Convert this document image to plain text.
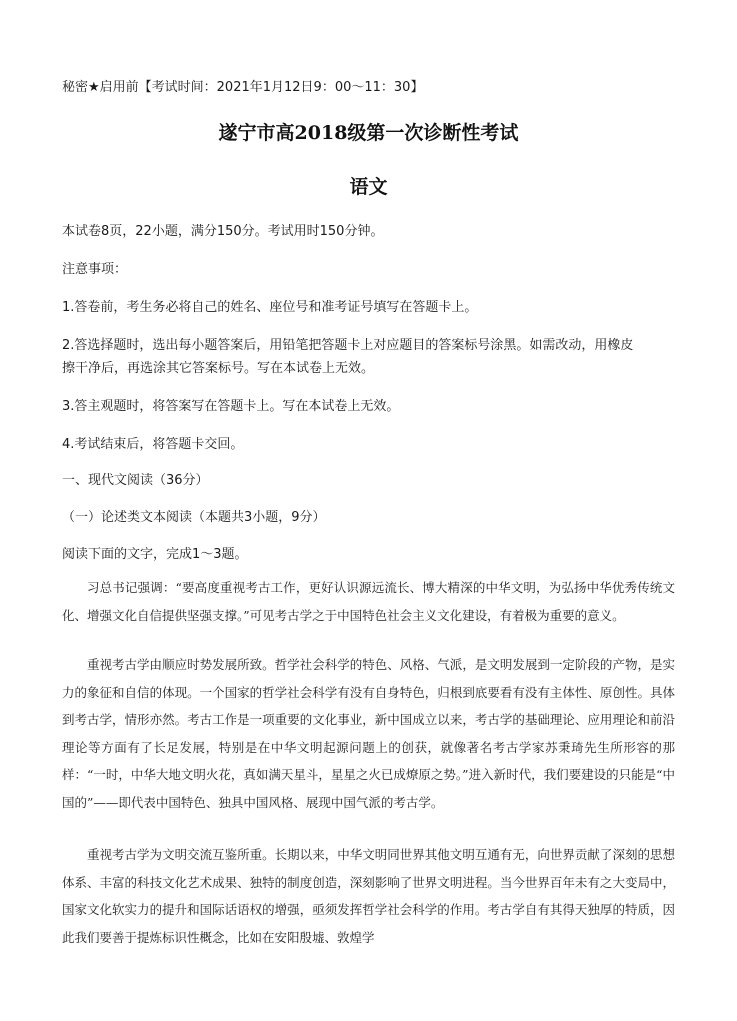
秘密★启用前【考试时间：2021年1月12日9：00～11：30】
遂宁市高2018级第一次诊断性考试
语文
本试卷8页，22小题，满分150分。考试用时150分钟。
注意事项：
1.答卷前，考生务必将自己的姓名、座位号和准考证号填写在答题卡上。
2.答选择题时，选出每小题答案后，用铅笔把答题卡上对应题目的答案标号涂黑。如需改动，用橡皮
擦干净后，再选涂其它答案标号。写在本试卷上无效。
3.答主观题时，将答案写在答题卡上。写在本试卷上无效。
4.考试结束后，将答题卡交回。
一、现代文阅读（36分）
（一）论述类文本阅读（本题共3小题，9分）
阅读下面的文字，完成1～3题。
习总书记强调：“要高度重视考古工作，更好认识源远流长、博大精深的中华文明，为弘扬中华优秀传统文化、增强文化自信提供坚强支撑。”可见考古学之于中国特色社会主义文化建设，有着极为重要的意义。
重视考古学由顺应时势发展所致。哲学社会科学的特色、风格、气派，是文明发展到一定阶段的产物，是实力的象征和自信的体现。一个国家的哲学社会科学有没有自身特色，归根到底要看有没有主体性、原创性。具体到考古学，情形亦然。考古工作是一项重要的文化事业，新中国成立以来，考古学的基础理论、应用理论和前沿理论等方面有了长足发展，特别是在中华文明起源问题上的创获，就像著名考古学家苏秉琦先生所形容的那样：“一时，中华大地文明火花，真如满天星斗，星星之火已成燎原之势。”进入新时代，我们要建设的只能是“中国的”——即代表中国特色、独具中国风格、展现中国气派的考古学。
重视考古学为文明交流互鉴所重。长期以来，中华文明同世界其他文明互通有无，向世界贡献了深刻的思想体系、丰富的科技文化艺术成果、独特的制度创造，深刻影响了世界文明进程。当今世界百年未有之大变局中，国家文化软实力的提升和国际话语权的增强，亟须发挥哲学社会科学的作用。考古学自有其得天独厚的特质，因此我们要善于提炼标识性概念，比如在安阳殷墟、敦煌学
